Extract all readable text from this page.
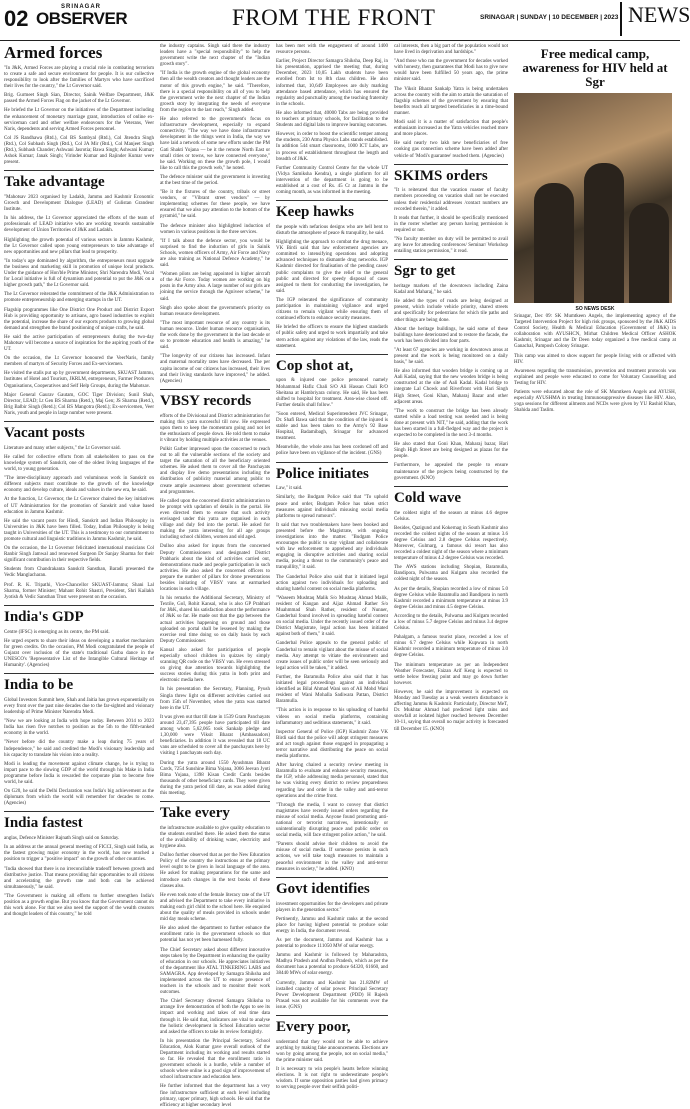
02	SRINAGAR
OBSERVER	FROM THE FRONT	SRINAGAR | SUNDAY | 10 DECEMBER | 2023 NEWS
Armed forces

"In J&K, Armed Forces are playing a crucial role in combating terrorism to create a safe and secure environment for people. It is our collective responsibility to look after the families of Martyrs who have sacrificed their lives for the country," the Lt Governor said.

Brig. Gurmeet Singh Sian, Director, Sainik Welfare Department, J&K passed the Armed Forces Flag on the jacket of the Lt Governor.

He briefed the Lt Governor on the initiatives of the Department including the enhancement of monetary marriage grant, introduction of online ex-serviceman card and other welfare endeavours for the Veterans, Veer Naris, dependents and serving Armed Forces personnel.

Col JS Randhawa (Rtd.), Col BS Sambyal (Rtd.), Col Jitendra Singh (Rtd.), Col Subhash Singh (Rtd.), Col JA Mir (Rtd.), Col Manjeet Singh (Rtd.), Subhash Chander; Ashwani Jasrotia; Bawa Singh; Ashwani Kumar; Ashok Kumar; Janak Singh; Virinder Kumar and Rajinder Kumar were present.

Take advantage

"Mahotsav 2023 organised by Ladakh, Jammu and Kashmir Economic Growth and Development Dialogue (LEAD) of Gulistan Grandeur Institute.

In his address, the Lt Governor appreciated the efforts of the team of professionals of LEAD initiative who are working towards sustainable development of Union Territories of J&K and Ladakh.

Highlighting the growth potential of various sectors in Jammu Kashmir, the Lt Governor called upon young entrepreneurs to take advantage of new opportunities and new pillars that lead to prosperity.

"In today's age dominated by algorithm, the entrepreneurs must upgrade the business and marketing skill in promotion of unique local products. Under the guidance of Hon'ble Prime Minister, Shri Narendra Modi, Vocal for Local initiative is full of dynamism and potential to put the J&K on a higher growth path," the Lt Governor said.

The Lt Governor reiterated the commitment of the J&K Administration to promote entrepreneurship and emerging startups in the UT.

Flagship programmes like One District One Product and District Export Hub is providing opportunity to artisans, agro based industries to exploit the potential, increase the share of our exports products to growing global demand and strengthen the brand positioning of unique crafts, he said.

He said the active participation of entrepreneurs during the two-day Mahotsav will become a source of inspiration for the aspiring youth of the UT.

On the occasion, the Lt Governor honoured the VeerNaris, family members of martyrs of Security Forces and Ex-servicemen.

He visited the stalls put up by government departments, SKUAST Jammu, Institutes of Hotel and Tourism, JKRLM, entrepreneurs, Farmer Producers Organisations, Cooperatives and Self Help Groups, during the Mahotsav.

Major General Gaurav Gautam, GOC Tiger Division; Sunil Shah, Director, LEAD; Lt Gen BS Sharma (Retd.), Maj Gen; JS Sharma (Retd.), Brig Balbir Singh (Retd.); Col BS Mangotra (Retd.); Ex-servicemen, Veer Naris, youth and people in large number were present.

Vacant posts

Literature and many other subjects," the Lt Governor said.

He called for collective efforts from all stakeholders to pass on the knowledge system of Sanskrit, one of the oldest living languages of the world, to young generation.

"The inter-disciplinary approach and voluminous work in Sanskrit on different subjects must contribute to the growth of the knowledge economy and develop culture, ideals and values in the new era, he said.

At the function, Lt Governor, the Lt Governor chaired the key initiatives of UT Administration for the promotion of Sanskrit and value based education in Jammu Kashmir.

He said the vacant posts for Hindi, Sanskrit and Indian Philosophy in Universities in J&K have been filled. Today, Indian Philosophy is being taught in Universities of the UT. This is a testimony to our commitment to promote cultural and linguistic traditions in Jammu Kashmir, he said.

On the occasion, the Lt Governor felicitated international musicians Col Ranbir Singh Jamwal and renowned Surgeon Dr Sanjay Sharma for their significant contribution in their respective fields.

Students from Chandrakanta Sanskrit Sansthan, Baradi presented the Vedic Manglacharan.

Prof. R. K. Tripathi, Vice-Chancellor SKUAST-Jammu; Shani Lal Sharma, former Minister; Mahant Rohit Shastri, President, Shri Kailakh Jyotish & Vedic Sansthan Trust were present on the occasion.

India's GDP

Centre (IFSC) is emerging as its centre, the PM said.

He urged experts to share their ideas on developing a market mechanism for green credits. On the occasion, PM Modi congratulated the people of Gujarat over inclusion of the state's traditional Garba dance in the UNESCO's 'Representative List of the Intangible Cultural Heritage of Humanity'. (Agencies)

India to be

Global Investors Summit here, Shah and Jaitia has grown exponentially on every front over the past nine decades due to the far-sighted and visionary leadership of Prime Minister Narendra Modi.

"Now we are looking at India with hope today. Between 2014 to 2023 India has risen five notches to position as the 5th to the fifth-ranked economy in the world.

"Never before did the country make a leap during 75 years of Independence," he said and credited the Modi's visionary leadership and his capacity to translate his vision into a reality.

Modi is leading the movement against climate change, he is trying to impart pace to the slowing GDP of the world through his Make in India programme before India is rewarded the corporate plan to become free world, he said.

On G20, he said the Delhi Declaration was India's big achievement as the diplomats from which the world will remember for decades to come. (Agencies)

India fastest

anglas, Defence Minister Rajnath Singh said on Saturday.

In an address at the annual general meeting of FICCI, Singh said India, as the fastest growing major economy in the world, has now reached a position to trigger a "positive impact" on the growth of other countries.

"India showed that there is no irreconcilable tradeoff between growth and distributive justice. That means providing fair opportunities to all citizens and accelerating the growth rate and both can be achieved simultaneously," he said.

"The Government is making all efforts to further strengthen India's position as a growth engine. But you know that the Government cannot do this work alone. For that we also need the support of the wealth creators and thought leaders of this country," he told

the industry captains. Singh said there the industry leaders have a "special responsibility" to help the government write the next chapter of the "Indian growth story".

"If India is the growth engine of the global economy then all the wealth creators and thought leaders are the motor of this growth engine," he said. "Therefore, there is a special responsibility on all of you to help the government write the next chapter of the Indian growth story by integrating the needs of everyone from the region to the last reach," Singh added.

He also referred to the government's focus on infrastructure development, especially to expand connectivity. "The way we have done infrastructure development in the things went in India, the way we have laid a network of some new efforts under the PM Gati Shakti Yojana — be it the remote North East or small cities or towns, we have connected everyone," he said. Working on these the growth pole, I would like to call this the growth web," he noted.

The defence minister said the government is investing at the best time of the period.

"Be it the fixtures of the country, tribals or street vendors, or "Vibrant street vendors" — by implementing schemes for these people, we have ensured that we also pay attention to the bottom of the pyramid," he said.

The defence minister also highlighted induction of women in various positions in the three services.

"If I talk about the defence sector, you would be surprised to find the induction of girls in Sainik Schools, women officers of Army, Air Force and Navy are also training as National Defence Academy," he said.

"Women pilots are being appointed in higher aircraft of the Air Force. Today women are working on big posts in the Army also. A large number of our girls are joining the service through the Agniveer scheme," he said.

Singh also spoke about the government's priority on human resource development.

"The most important resource of any country is its human resource. Under human resource organisation, the work done by the government in the last decade or so to promote education and health is amazing," he said.

"The longevity of our citizens has increased. Infant and maternal mortality rates have decreased. The per capita income of our citizens has increased, their lives and their living standards have improved," he added. (Agencies)

VBSY records

efforts of the Divisional and District administration for making this yatra successful till now. He expressed upon them to keep the momentum going and not let the enthusiasm of people down. He told them to make it vibrant by holding multiple activities at the venues.

Pulkit Garber impressed upon the concerned to reach out to all the vulnerable sections of the society and target the saturation of all the beneficiary oriented schemes. He asked them to cover all the Panchayats and display live demo presentations including the distribution of publicity material among public to create ample awareness about government schemes and programmes.

He called upon the concerned district administration to be prompt with updation of details in the portal. He even directed them to ensure that such activity envisaged under this yatra are organised in each village and duly fed into the portal. He asked for making the yatra interesting for all age groups including school children, women and old aged.

Dulloo also asked for inputs from the concerned Deputy Commissioners and designated District Prabharis about the kind of activities carried out, demonstrations made and people participation in such activities. He also asked the concerned officers to prepare the number of pillars for drone presentations besides initiating of VBSY vans at earmarked locations in each village.

In his remarks the Additional Secretary, Ministry of Textile, GoI, Rohit Kansal, who is also GP Prabhari for J&K, shared his satisfaction about the performance of J&K so far. He made out that the gap between the actual activities happening on ground and those uploaded on portal shall be lessened by making the exercise real time doing so on daily basis by each Deputy Commissioner.

Kansal also asked for participation of people especially school children in quizzes by simply scanning QR code on the VBSY van. He even stressed on giving due attention towards highlighting the success stories during this yatra in both print and electronic media here.

In his presentation the Secretary, Planning, Pyush Singla threw light on different activities carried out from 15th of November, when the yatra was started here in the UT.

It was given out that till date in 1539 Gram Panchayats around 23,47,395 people have participated till date among whom 5,62,065 took Sankalp pledge and 1,30,000 were Viksit Bharat (Ambassadors) beneficiaries. In addition it was revealed that 18 UC vans are scheduled to cover all the panchayats here by visiting 1 panchayats each day.

During the yatra around 1550 Ayushman Bharat Cards, 7254 Sunshine Bima Yojana, 3066 Jeevan Jyoti Bima Yojana, 1398 Kisan Credit Cards besides thousands of other beneficiary cards. They were given during the yatra period till date, as was added during this meeting.

Take every

the infrastructure available to give quality education to the students enrolled there. He asked them the status of the availability of drinking water, electricity and hygiene also.

Dulloo further observed that as per the New Education Policy of the country the instructions at the primary level ought to be given in local language of the area. He asked for making preparations for the same and introduce such changes in the text books of these classes also.

He even took note of the female literacy rate of the UT and advised the Department to take every initiative in making each girl child to the school here. He enquired about the quality of meals provided in schools under mid day meals scheme.

He also asked the department to further enhance the enrollment ratio in the government schools so that potential has not yet been harnessed fully.

The Chief Secretary asked about different innovative steps taken by the Department in enhancing the quality of education in our schools. He appreciates initiatives of the department like ATAL TINKERING LABS and SAMAGRA. App developed by Samagra Shiksha and implemented across the UT to ensure presence of teachers in the schools and to monitor their work outcomes.

The Chief Secretary directed Samagra Shiksha to arrange live demonstration of both the Apps to see its impact and working and takes of real time data through it. He said that, indicators are vital to analyse the holistic development in School Education sector and asked the officers to take its review fortnightly.

In his presentation the Principal Secretary, School Education, Alok Kumar gave overall outlook of the Department including its working and results started so far. He revealed that the enrollment ratio in government schools is a hurdle, while a number of schools where online is a good sign of improvement of school infrastructure and education here.

He further informed that the department has a very fine infrastructure sufficient at each level including primary, upper primary, high schools. He said that the efficiency at higher secondary level

has been met with the engagement of around 1400 resource persons.

Earlier, Project Director Samagra Shiksha, Deep Raj, in his presentation, apprised the meeting that, during December, 2023 10,05 Lakh students have been enrolled from Ist to 8th class children. He also informed that, 10,649 Employees are duly marking attendance based attendance, which has ensured the regularity and punctuality among the teaching fraternity in the schools.

He also informed that, 40000 Tabs are being provided to teachers at primary schools, for facilitation to the Students and digital labs to improve learning outcomes.

However, in order to boost the scientific temper among the students, 230 Atma Physics Labs stands established. In addition 544 smart classrooms, 1000 ICT Labs, are in process of establishment throughout the length and breadth of J&K.

Further Community Control Centre for the whole UT (Vidya Samiksha Kendra), a single platform for all intervention of the department is going to be established at a cost of Rs. 45 Cr at Jammu in the coming month, as was informed in the meeting.

Keep hawks

the people with nefarious designs who are hell bent to disturb the atmosphere of peace & tranquility, he said.

Highlighting the approach to combat the drug menace, VK Birdi said that law enforcement agencies are committed to intensifying operations and adopting advanced techniques to dismantle drug networks. IGP Kashmir directed for finalisation of the pending cases/ public complaints to give the relief to the general public and directed for speedy disposal of cases assigned to them for conducting the investigation, he said.

The IGP reiterated the significance of community participation in maintaining vigilance and urged citizens to remain vigilant while ensuring them of continued efforts to enhance security measures.

He briefed the officers to ensure the highest standards of public safety and urged to work impartially and take stern action against any violations of the law, reads the statement.

Cop shot at,

upon & injured one police personnel namely Mohammad Hafiz Chali S/O Ali Hassan Chali R/O Sheitana at Hambriyara colony. He said, He has been shifted to hospital for treatment. Area-wise closed off. Further details shall follow."

"Soon entered, Medical Superintendent JVC Srinagar, Dr. Shafi Bawa said that the condition of the injured is stable and has been taken to the Army's 92 Base Hospital, Badamibagh, Srinagar for advanced treatment.

Meanwhile, the whole area has been cordoned off and police have been on vigilance of the incident. (GNS)

Police initiates

Law," it said.

Similarly, the Budgam Police said that "To uphold peace and order, Budgam Police has taken strict measures against individuals misusing social media platforms to spread rumours".

It said that two troublemakers have been booked and presented before the Magistrate, with ongoing investigations into the matter. "Budgam Police encourages the public to stay vigilant and collaborate with law enforcement to apprehend any individuals engaging in disruptive activities and sharing social media, posing a threat to the community's peace and tranquillity," it said.

The Ganderbal Police also said that it initiated legal action against two individuals for uploading and sharing hateful content on social media platforms.

"Waseem Mushtaq Malik S/o Mushtaq Ahmad Malik, resident of Kangan and Aijaz Ahmad Rather S/o Muahmmad Shah Rather, resident of Nunner, Ganderbal found involved in spreading hateful content on social media. Under the recently issued order of the District Magistrate, legal action has been initiated against both of them," it said.

Ganderbal Police appeals to the general public of Ganderbal to remain vigilant about the misuse of social media. Any attempt to vitiate the environment and create issues of public order will be seen seriously and legal action will be taken," it added.

Further, the Baramulla Police also said that it has initiated legal proceedings against an individual identified as Bilal Ahmad Wani son of Ali Mohd Wani resident of Wani Mohalla Sadiwara Pattan, District Baramulla.

"This action is in response to his uploading of hateful videos on social media platforms, containing inflammatory and seditious statements," it said.

Inspector General of Police (IGP) Kashmir Zone VK Birdi said that the police will adopt stringent measures and act tough against those engaged in propagating a terror narrative and distributing the peace on social media platforms.

After having chaired a security review meeting in Baramulla to evaluate and enhance security measures, the IGP, while addressing media personnel, stated that he was visiting every district to review preparedness regarding law and order in the valley and anti-terror operations and the crime front.

"Through the media, I want to convey that district magistrates have recently issued orders regarding the misuse of social media. Anyone found promoting anti-national or terrorist narratives, intentionally or unintentionally disrupting peace and public order on social media, will face stringent police action," he said.

"Parents should advise their children to avoid the misuse of social media. If someone persists in such actions, we will take tough measures to maintain a peaceful environment in the valley and anti-terror measures in society," he added. (KNO)

Govt identifies

investment opportunities for the developers and private players in the generation sector."

Pertinently, Jammu and Kashmir ranks at the second place for having highest potential to produce solar energy in India, the document reveal.

As per the document, Jammu and Kashmir has a potential to produce 111050 MW of solar energy.

Jammu and Kashmir is followed by Maharashtra, Madhya Pradesh and Andhra Pradesh, which as per the document has a potential to produce 64320, 61660, and 38440 MWs of solar energy.

Currently, Jammu and Kashmir has 21.82MW of installed capacity of solar power. Principal Secretary Power Development Department (PDD) H Rajesh Prasad was not available for his comments over the issue. (GNS)

Every poor,

understand that they would not be able to achieve anything by making fake announcements. Elections are won by going among the people, not on social media," the prime minister said.

It is necessary to win people's hearts before winning elections. It is not right to underestimate people's wisdom. If some opposition parties had given primacy to serving people over their selfish politi-

cal interests, then a big part of the population would not have lived in deprivation and hardships."

"And those who ran the government for decades worked with honesty, then guarantees that Modi has to give now would have been fulfilled 50 years ago, the prime minister said.

The Viksit Bharat Sankalp Yatra is being undertaken across the country with the aim to attain the saturation of flagship schemes of the government by ensuring that benefits reach all targeted beneficiaries in a time-bound manner.

Modi said it is a matter of satisfaction that people's enthusiasm increased as the Yatra vehicles reached more and more places.

He said nearly two lakh new beneficiaries of free cooking gas connection scheme have been added after vehicle of 'Modi's guarantee' reached them. (Agencies)

SKIMS orders

"It is reiterated that the vacation roaster of faculty members proceeding on vacation shall not be executed unless their residential addresses /contact numbers are recorded therein," it added.

It reads that further, it should be specifically mentioned in the roster whether any person having permission is required or not.

"No faculty member on duty will be permitted to avail any leave for attending conferences/ Seminar/ Workshop entailing station permission," it read.

Sgr to get

heritage markets of the downtown including Zaina Kadal and Maharaj," he said.

He added the types of roads are being designed at present, which include vehicle priority, shared streets and specifically for pedestrians for which tile paths and other things are being done.

About the heritage buildings, he said some of these buildings have deteriorated and to restore the facade, the work has been divided into four parts.

"At least 67 agencies are working in downtown areas at present and the work is being monitored on a daily basis," he said.

He also informed that wooden bridge is coming up at Aali Kadal, saying that the new wooden bridge is being constructed at the site of Aali Kadal. Kadal bridge to integrate Lal Chowk and Riverfront with Hari Singh High Street, Goni Khan, Maharaj Bazar and other adjacent areas.

"The work to construct the bridge has been already started while a load testing was needed and is being done at present with NIT," he said, adding that the work has been started in a full-fledged way and the project is expected to be completed in the next 3-4 months.

He also stated that Goni Khan, Maharaj bazar, Hari Singh High Street are being designed as plazas for the people.

Furthermore, he appealed the people to ensure maintenance of the projects being constructed by the government. (KNO)

Cold wave

the coldest night of the season at minus 4.6 degree Celsius.

Besides, Qazigund and Kokernag in South Kashmir also recorded the coldest nights of the season at minus 3.6 degree Celsius and 2.8 degree Celsius respectively. Moreover, Gulmarg, a famous ski resort has also recorded a coldest night of the season where a minimum temperature of minus 4.2 degree Celsius was recorded.

The AWS stations including Shopian, Baramulla, Bandipora, Pulwama and Kulgam also recorded the coldest night of the season.

As per the details, Shopian recorded a low of minus 5.0 degree Celsius while Baramulla and Bandipora in north Kashmir recorded a minimum temperature at minus 3.9 degree Celsius and minus 4.5 degree Celsius.

According to the details, Pulwama and Kulgam recorded a low of minus 5.7 degree Celsius and minus 3.4 degree Celsius.

Pahalgam, a famous tourist place, recorded a low of minus 6.7 degree Celsius while Kupwara in north Kashmir recorded a minimum temperature of minus 3.0 degree Celsius.

The minimum temperature as per an Independent Weather Forecaster, Faizan Arif Keng is expected to settle below freezing point and may go down further however.

However, he said the improvement is expected on Monday and Tuesday as a weak western disturbance is affecting Jammu & Kashmir. Particularly, Director MeT, Dr. Mukhtar Ahmad had predicted light rains and snowfall at isolated higher reached between December 10-11, saying that overall no major activity is forecasted till December 15. (KNO)

Free medical camp, awareness for HIV held at Sgr
SO NEWS DESK

Srinagar, Dec 09: SK Mumtkeen Angels, the implementing agency of the Targeted Intervention Project for high risk groups, sponsored by the J&K AIDS Control Society, Health & Medical Education (Government of J&K) in collaboration with AYUSHCN, Mirhat Children Medical Officer ASHOK Kashmir, Srinagar and the Dr Deen today organized a free medical camp at Ganachal, Pamposh Colony Srinagar.

This camp was aimed to show support for people living with or affected with HIV.

Awareness regarding the transmission, prevention and treatment protocols was explained and people were educated to come for Voluntary Counselling and Testing for HIV.

Patients were educated about the role of SK Mumtkeen Angels and AYUSH, especially AYUSHMA in treating Immunosuppressive diseases like HIV. Also, yoga sessions for different ailments and NCDs were given by YU Rashid Khan, Shahida and Taslim.
